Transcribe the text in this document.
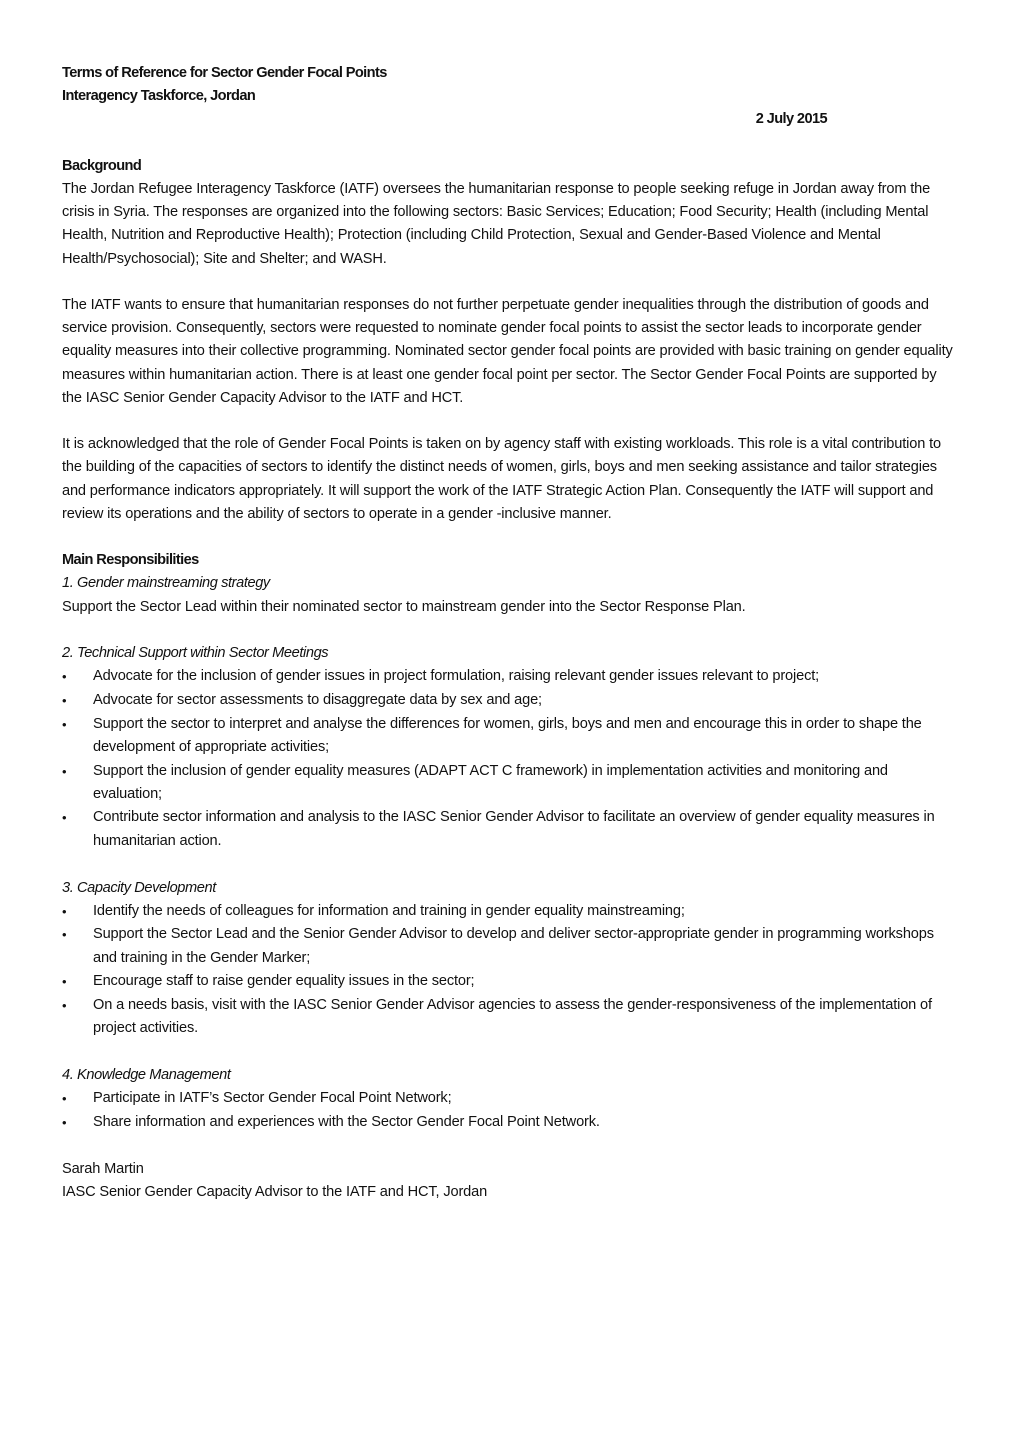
Terms of Reference for Sector Gender Focal Points
Interagency Taskforce, Jordan
2 July 2015
Background

The Jordan Refugee Interagency Taskforce (IATF) oversees the humanitarian response to people seeking refuge in Jordan away from the crisis in Syria. The responses are organized into the following sectors: Basic Services; Education; Food Security; Health (including Mental Health, Nutrition and Reproductive Health); Protection (including Child Protection, Sexual and Gender-Based Violence and Mental Health/Psychosocial); Site and Shelter; and WASH.

The IATF wants to ensure that humanitarian responses do not further perpetuate gender inequalities through the distribution of goods and service provision. Consequently, sectors were requested to nominate gender focal points to assist the sector leads to incorporate gender equality measures into their collective programming. Nominated sector gender focal points are provided with basic training on gender equality measures within humanitarian action. There is at least one gender focal point per sector. The Sector Gender Focal Points are supported by the IASC Senior Gender Capacity Advisor to the IATF and HCT.

It is acknowledged that the role of Gender Focal Points is taken on by agency staff with existing workloads. This role is a vital contribution to the building of the capacities of sectors to identify the distinct needs of women, girls, boys and men seeking assistance and tailor strategies and performance indicators appropriately. It will support the work of the IATF Strategic Action Plan. Consequently the IATF will support and review its operations and the ability of sectors to operate in a gender -inclusive manner.

Main Responsibilities
1. Gender mainstreaming strategy

Support the Sector Lead within their nominated sector to mainstream gender into the Sector Response Plan.

2. Technical Support within Sector Meetings
•	Advocate for the inclusion of gender issues in project formulation, raising relevant gender issues relevant to project;
•	Advocate for sector assessments to disaggregate data by sex and age;
•	Support the sector to interpret and analyse the differences for women, girls, boys and men and encourage this in order to shape the development of appropriate activities;
•	Support the inclusion of gender equality measures (ADAPT ACT C framework) in implementation activities and monitoring and evaluation;
•	Contribute sector information and analysis to the IASC Senior Gender Advisor to facilitate an overview of gender equality measures in humanitarian action.
3. Capacity Development
•	Identify the needs of colleagues for information and training in gender equality mainstreaming;
•	Support the Sector Lead and the Senior Gender Advisor to develop and deliver sector-appropriate gender in programming workshops and training in the Gender Marker;
•	Encourage staff to raise gender equality issues in the sector;
•	On a needs basis, visit with the IASC Senior Gender Advisor agencies to assess the gender-responsiveness of the implementation of project activities.
4. Knowledge Management
•	Participate in IATF’s Sector Gender Focal Point Network;
•	Share information and experiences with the Sector Gender Focal Point Network.
Sarah Martin
IASC Senior Gender Capacity Advisor to the IATF and HCT, Jordan
